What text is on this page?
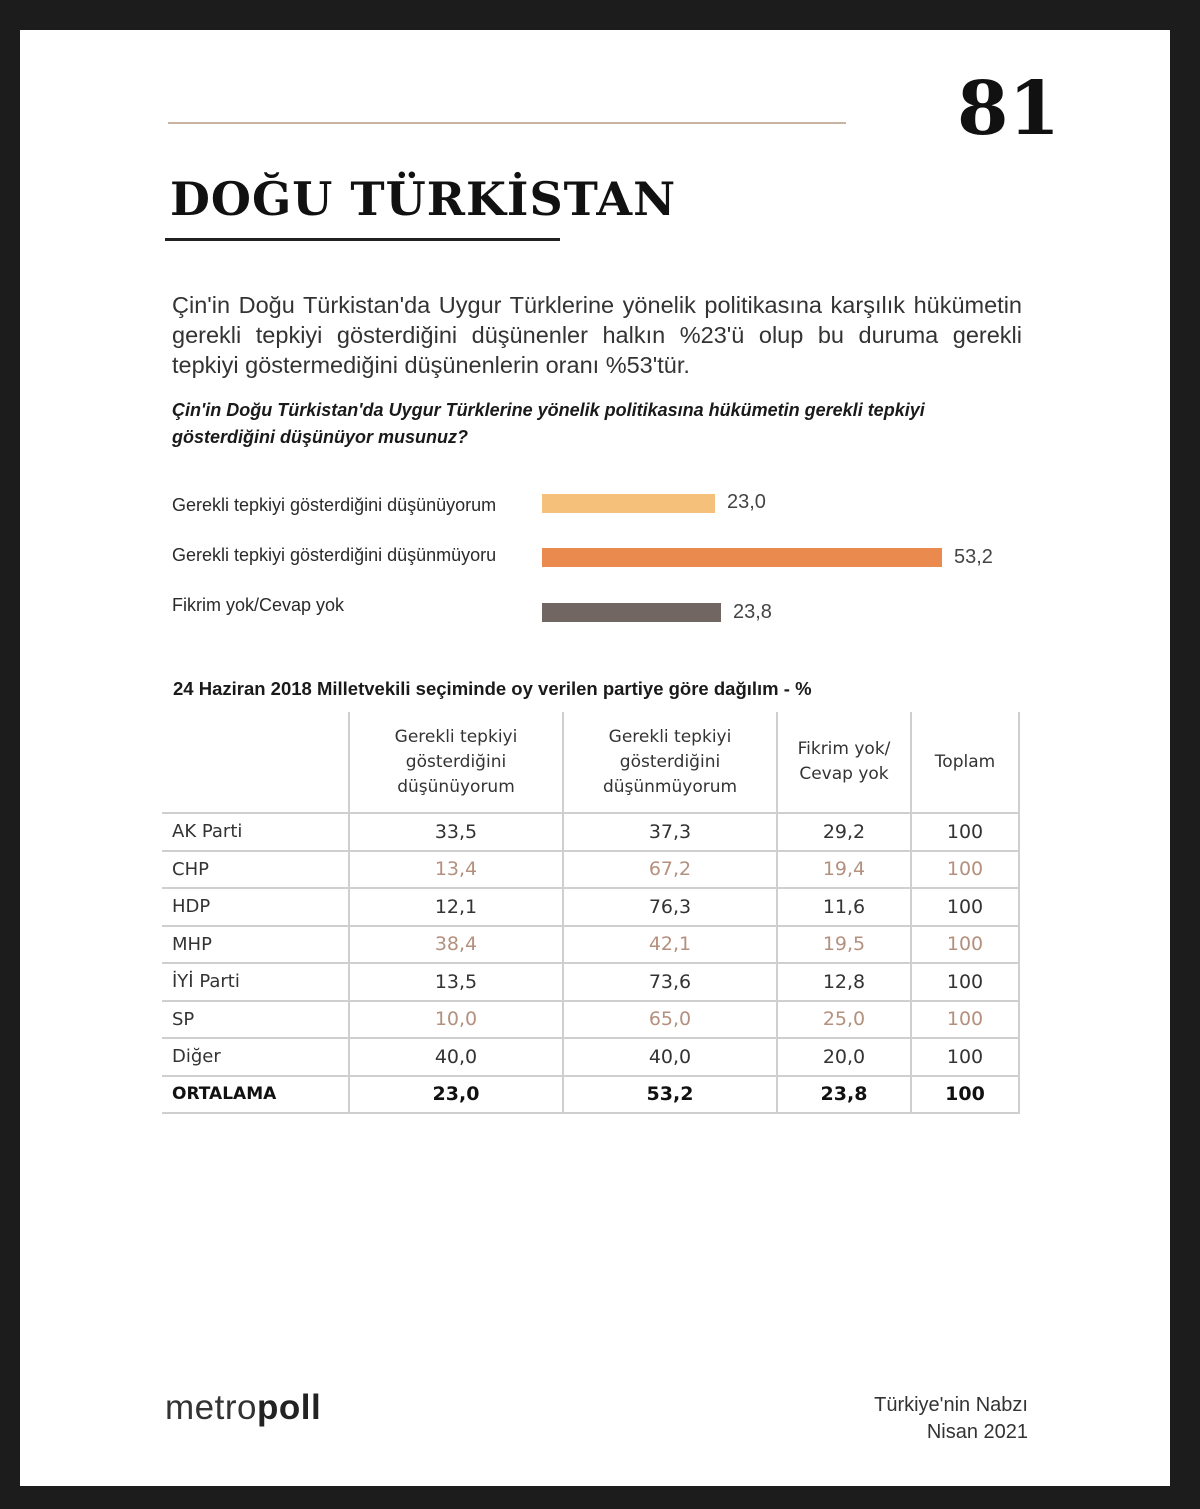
81
DOĞU TÜRKİSTAN
Çin'in Doğu Türkistan'da Uygur Türklerine yönelik politikasına karşılık hükümetin gerekli tepkiyi gösterdiğini düşünenler halkın %23'ü olup bu duruma gerekli tepkiyi göstermediğini düşünenlerin oranı %53'tür.
Çin'in Doğu Türkistan'da Uygur Türklerine yönelik politikasına hükümetin gerekli tepkiyi gösterdiğini düşünüyor musunuz?
Gerekli tepkiyi gösterdiğini düşünüyorum	23,0
Gerekli tepkiyi gösterdiğini düşünmüyoru	53,2
Fikrim yok/Cevap yok	23,8
24 Haziran 2018 Milletvekili seçiminde oy verilen partiye göre dağılım - %

	Gerekli tepkiyi gösterdiğini düşünüyorum	Gerekli tepkiyi gösterdiğini düşünmüyorum	Fikrim yok/ Cevap yok	Toplam
AK Parti	33,5	37,3	29,2	100
CHP	13,4	67,2	19,4	100
HDP	12,1	76,3	11,6	100
MHP	38,4	42,1	19,5	100
İYİ Parti	13,5	73,6	12,8	100
SP	10,0	65,0	25,0	100
Diğer	40,0	40,0	20,0	100
ORTALAMA	23,0	53,2	23,8	100
metropoll	Türkiye'nin Nabzı
Nisan 2021
